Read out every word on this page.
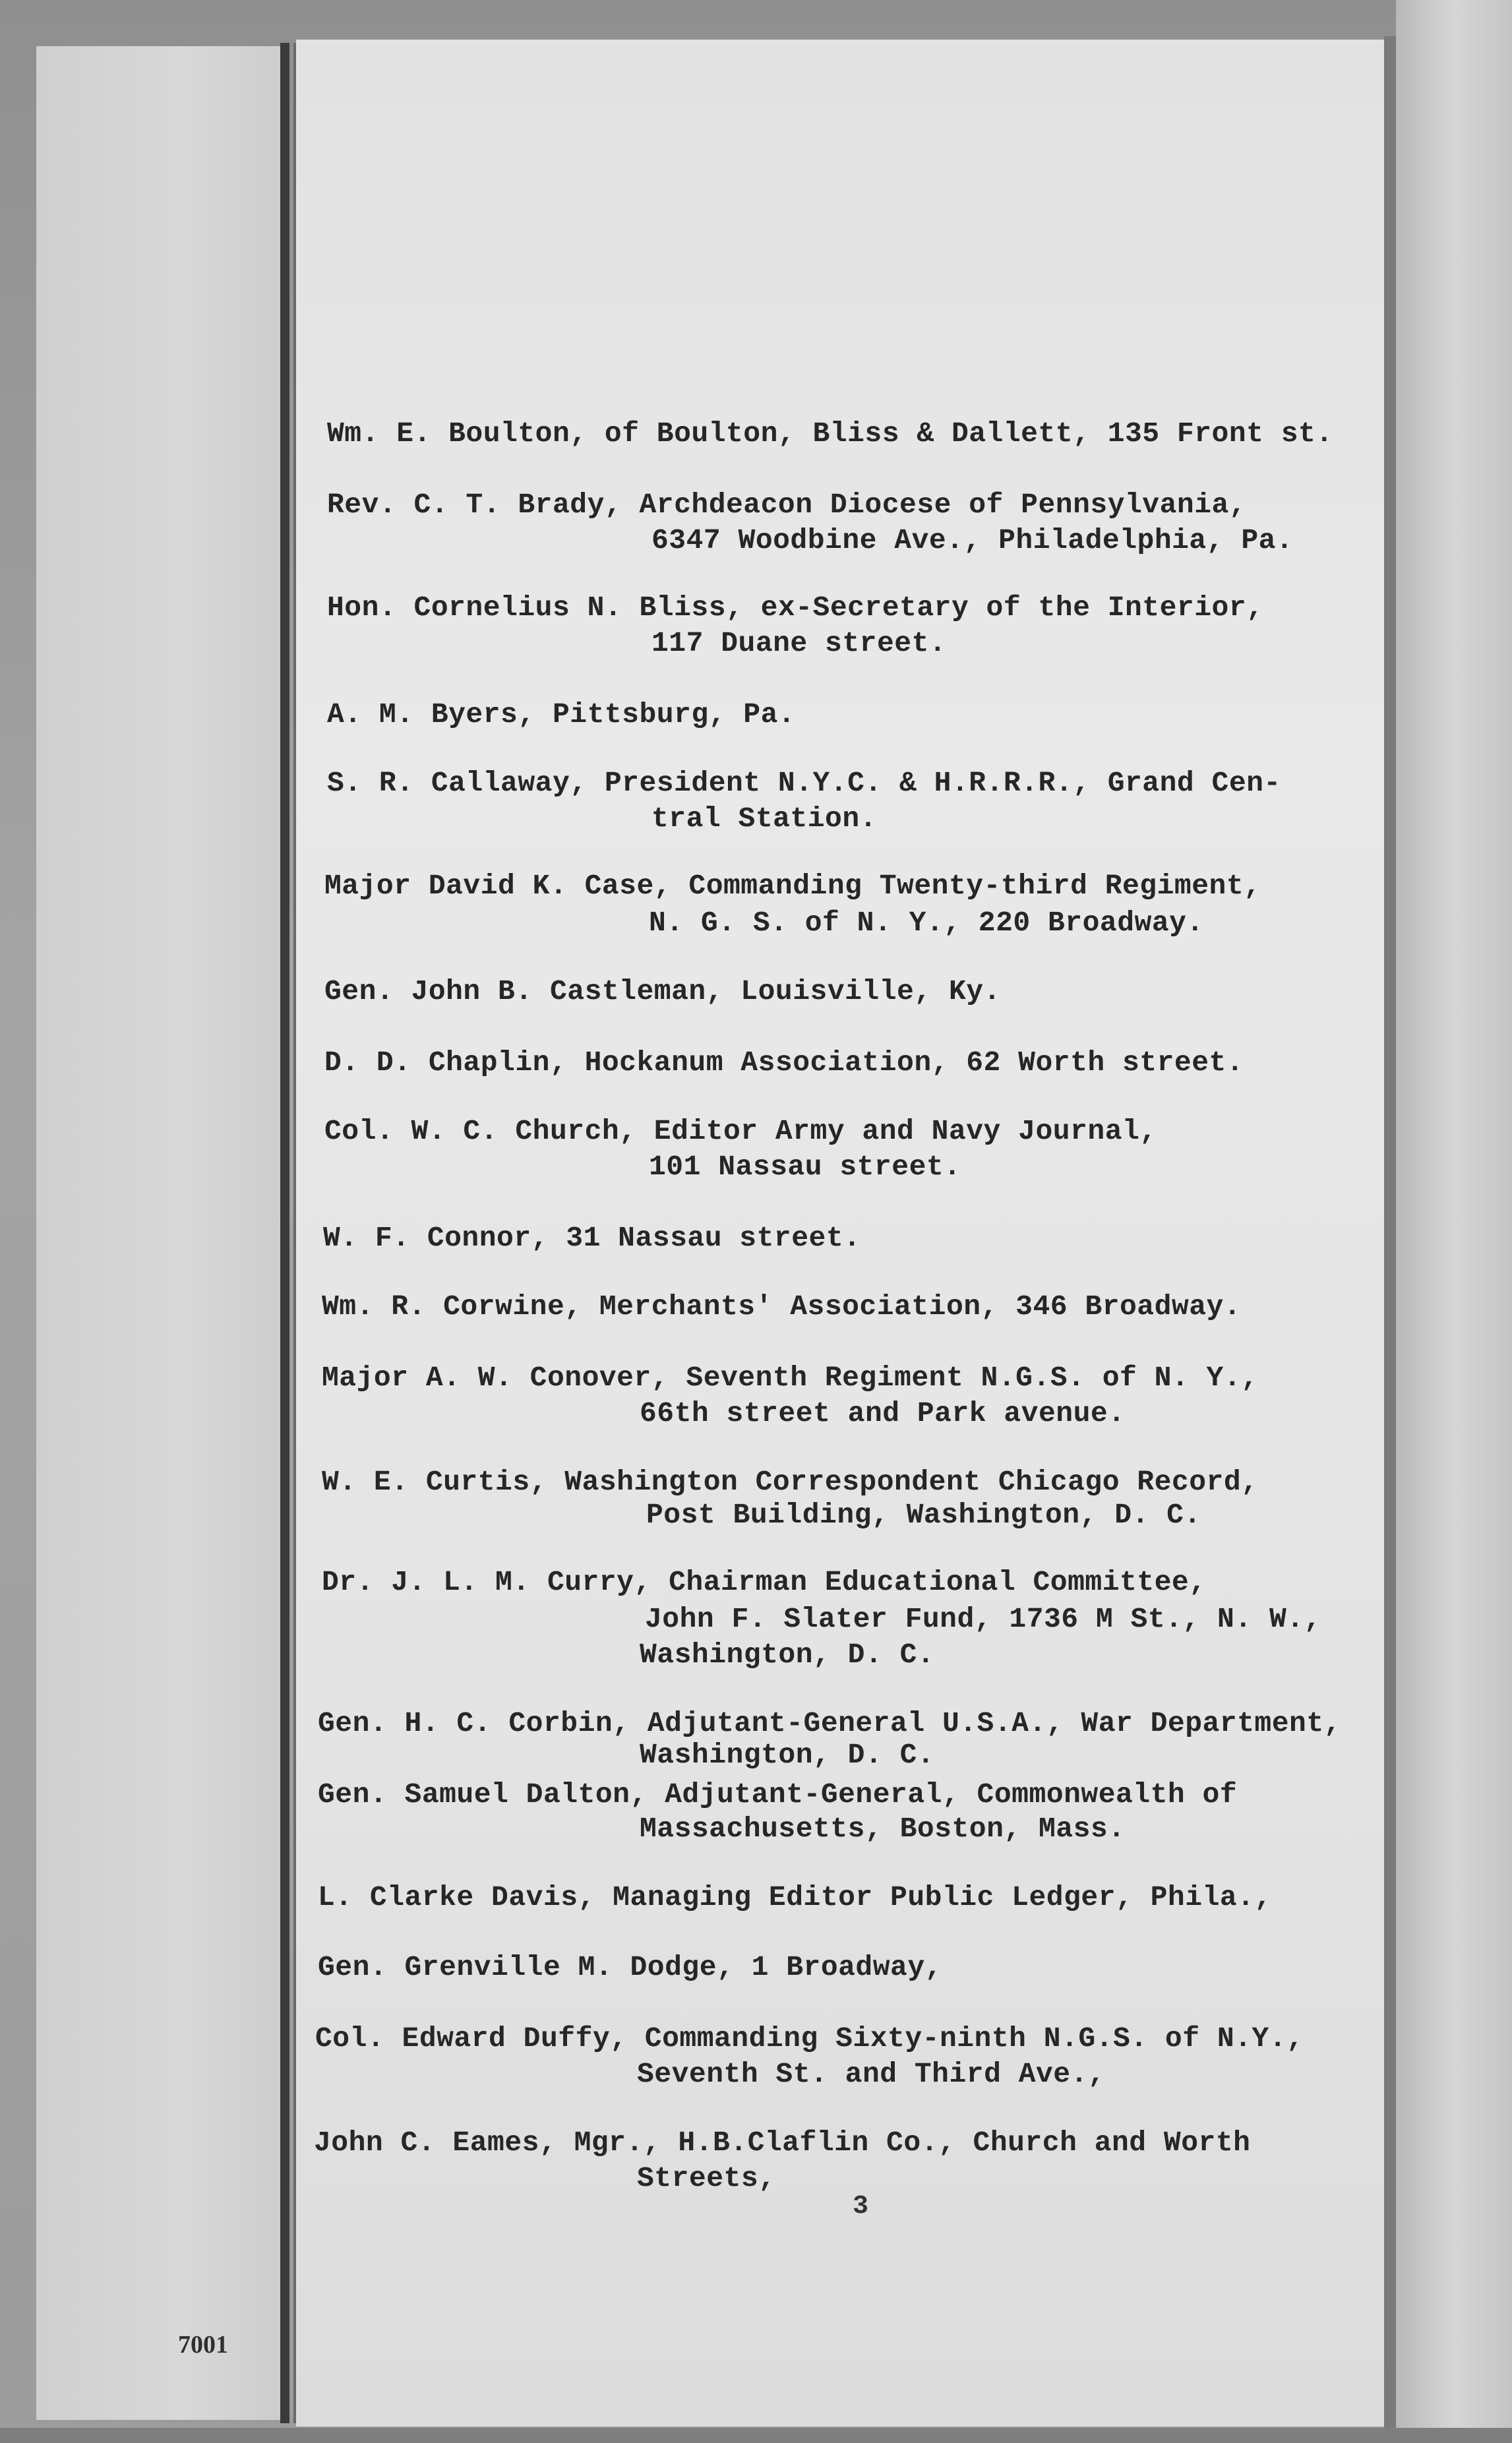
Wm. E. Boulton, of Boulton, Bliss & Dallett, 135 Front st.
Rev. C. T. Brady, Archdeacon Diocese of Pennsylvania,
6347 Woodbine Ave., Philadelphia, Pa.
Hon. Cornelius N. Bliss, ex-Secretary of the Interior,
117 Duane street.
A. M. Byers, Pittsburg, Pa.
S. R. Callaway, President N.Y.C. & H.R.R.R., Grand Cen-
tral Station.
Major David K. Case, Commanding Twenty-third Regiment,
N. G. S. of N. Y., 220 Broadway.
Gen. John B. Castleman, Louisville, Ky.
D. D. Chaplin, Hockanum Association, 62 Worth street.
Col. W. C. Church, Editor Army and Navy Journal,
101 Nassau street.
W. F. Connor, 31 Nassau street.
Wm. R. Corwine, Merchants' Association, 346 Broadway.
Major A. W. Conover, Seventh Regiment N.G.S. of N. Y.,
66th street and Park avenue.
W. E. Curtis, Washington Correspondent Chicago Record,
Post Building, Washington, D. C.
Dr. J. L. M. Curry, Chairman Educational Committee,
John F. Slater Fund, 1736 M St., N. W.,
Washington, D. C.
Gen. H. C. Corbin, Adjutant-General U.S.A., War Department,
Washington, D. C.
Gen. Samuel Dalton, Adjutant-General, Commonwealth of
Massachusetts, Boston, Mass.
L. Clarke Davis, Managing Editor Public Ledger, Phila.,
Gen. Grenville M. Dodge, 1 Broadway,
Col. Edward Duffy, Commanding Sixty-ninth N.G.S. of N.Y.,
Seventh St. and Third Ave.,
John C. Eames, Mgr., H.B.Claflin Co., Church and Worth
Streets,
3
7001
